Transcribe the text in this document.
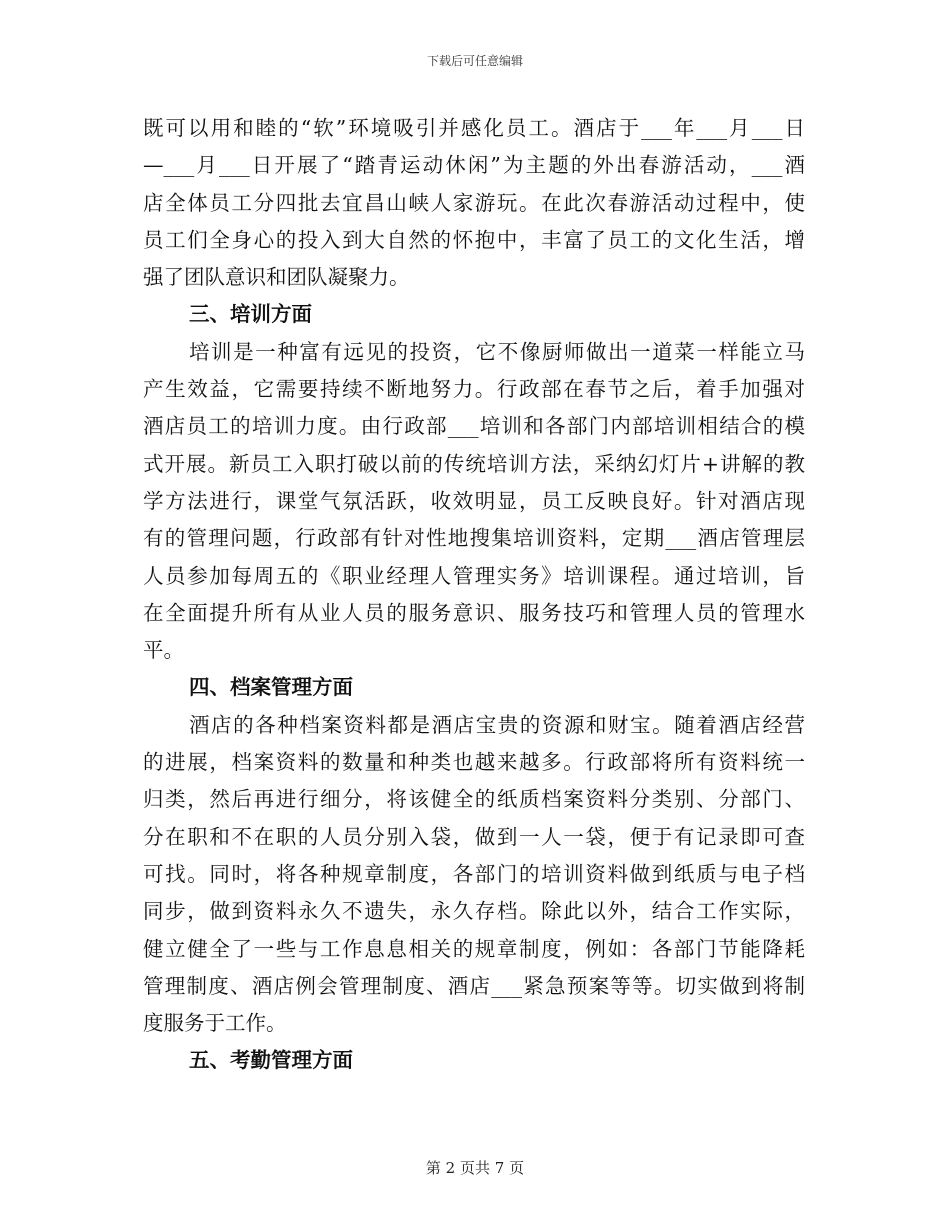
下载后可任意编辑
既可以用和睦的“软”环境吸引并感化员工。酒店于___年___月___日
—___月___日开展了“踏青运动休闲”为主题的外出春游活动，___酒
店全体员工分四批去宜昌山峡人家游玩。在此次春游活动过程中，使
员工们全身心的投入到大自然的怀抱中，丰富了员工的文化生活，增
强了团队意识和团队凝聚力。
三、培训方面
培训是一种富有远见的投资，它不像厨师做出一道菜一样能立马
产生效益，它需要持续不断地努力。行政部在春节之后，着手加强对
酒店员工的培训力度。由行政部___培训和各部门内部培训相结合的模
式开展。新员工入职打破以前的传统培训方法，采纳幻灯片+讲解的教
学方法进行，课堂气氛活跃，收效明显，员工反映良好。针对酒店现
有的管理问题，行政部有针对性地搜集培训资料，定期___酒店管理层
人员参加每周五的《职业经理人管理实务》培训课程。通过培训，旨
在全面提升所有从业人员的服务意识、服务技巧和管理人员的管理水
平。
四、档案管理方面
酒店的各种档案资料都是酒店宝贵的资源和财宝。随着酒店经营
的进展，档案资料的数量和种类也越来越多。行政部将所有资料统一
归类，然后再进行细分，将该健全的纸质档案资料分类别、分部门、
分在职和不在职的人员分别入袋，做到一人一袋，便于有记录即可查
可找。同时，将各种规章制度，各部门的培训资料做到纸质与电子档
同步，做到资料永久不遗失，永久存档。除此以外，结合工作实际，
健立健全了一些与工作息息相关的规章制度，例如：各部门节能降耗
管理制度、酒店例会管理制度、酒店___紧急预案等等。切实做到将制
度服务于工作。
五、考勤管理方面
第 2 页共 7 页
